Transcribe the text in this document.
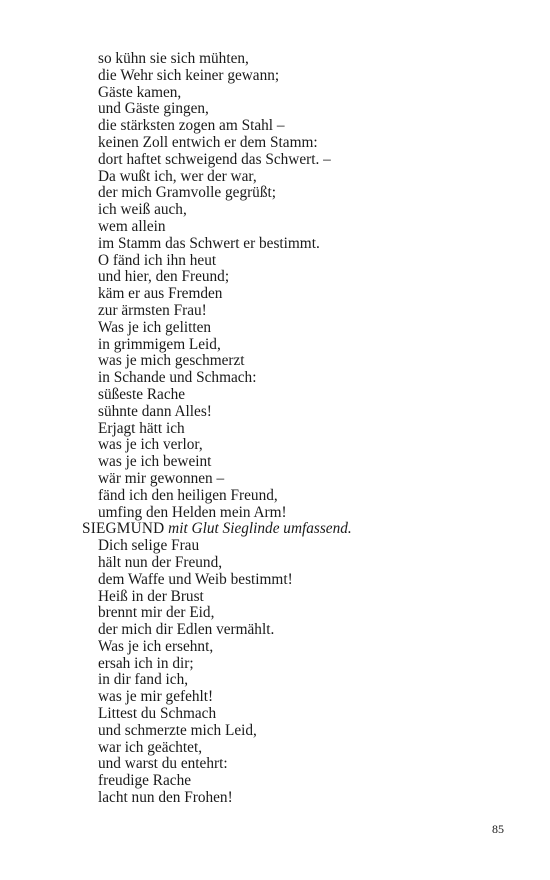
so kühn sie sich mühten,
die Wehr sich keiner gewann;
Gäste kamen,
und Gäste gingen,
die stärksten zogen am Stahl –
keinen Zoll entwich er dem Stamm:
dort haftet schweigend das Schwert. –
Da wußt ich, wer der war,
der mich Gramvolle gegrüßt;
ich weiß auch,
wem allein
im Stamm das Schwert er bestimmt.
O fänd ich ihn heut
und hier, den Freund;
käm er aus Fremden
zur ärmsten Frau!
Was je ich gelitten
in grimmigem Leid,
was je mich geschmerzt
in Schande und Schmach:
süßeste Rache
sühnte dann Alles!
Erjagt hätt ich
was je ich verlor,
was je ich beweint
wär mir gewonnen –
fänd ich den heiligen Freund,
umfing den Helden mein Arm!
SIEGMUND mit Glut Sieglinde umfassend.
Dich selige Frau
hält nun der Freund,
dem Waffe und Weib bestimmt!
Heiß in der Brust
brennt mir der Eid,
der mich dir Edlen vermählt.
Was je ich ersehnt,
ersah ich in dir;
in dir fand ich,
was je mir gefehlt!
Littest du Schmach
und schmerzte mich Leid,
war ich geächtet,
und warst du entehrt:
freudige Rache
lacht nun den Frohen!
85
